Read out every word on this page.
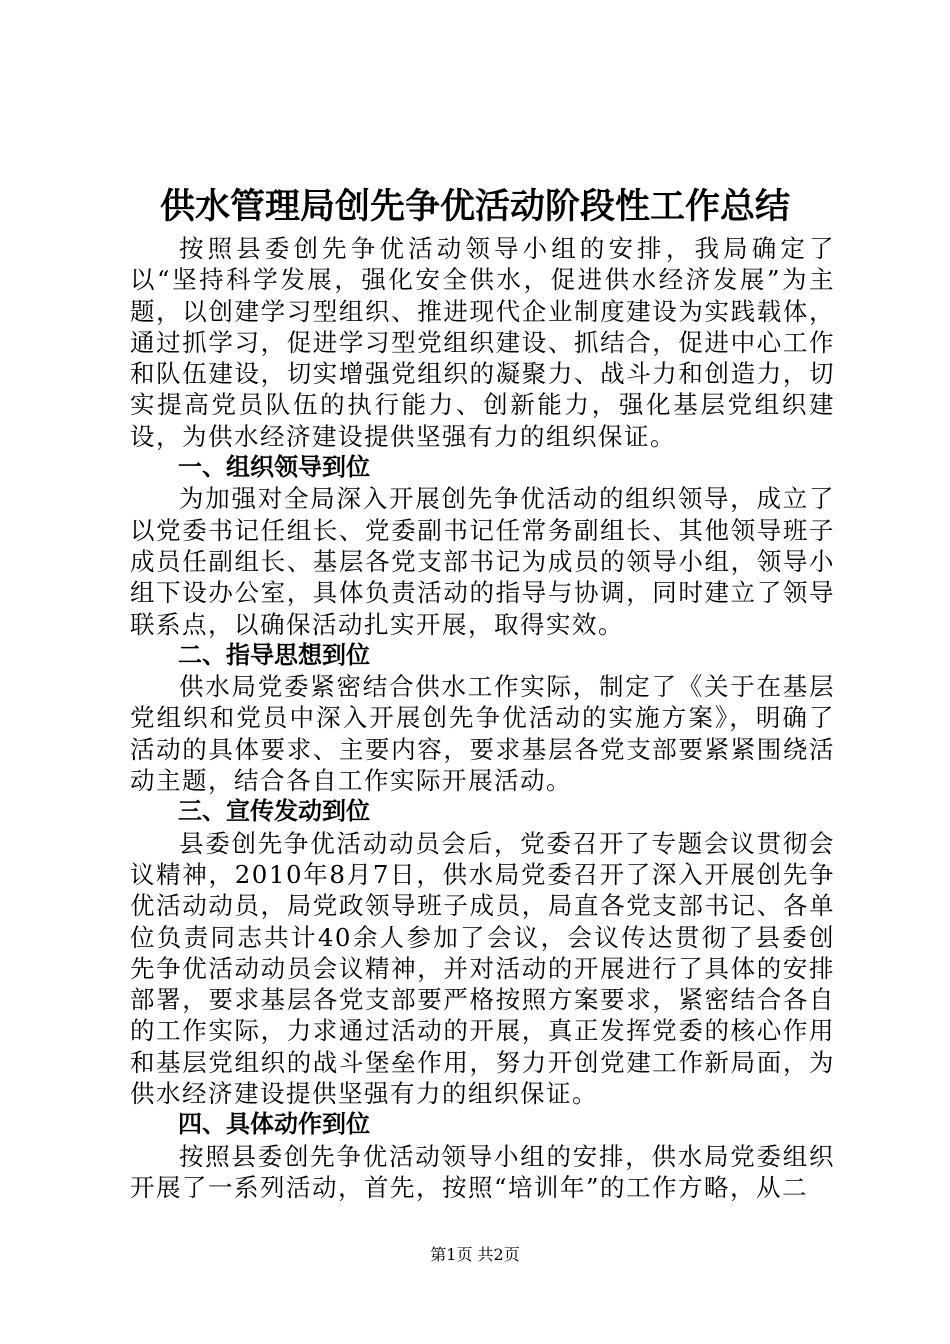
供水管理局创先争优活动阶段性工作总结

按照县委创先争优活动领导小组的安排，我局确定了以“坚持科学发展，强化安全供水，促进供水经济发展”为主题，以创建学习型组织、推进现代企业制度建设为实践载体，通过抓学习，促进学习型党组织建设、抓结合，促进中心工作和队伍建设，切实增强党组织的凝聚力、战斗力和创造力，切实提高党员队伍的执行能力、创新能力，强化基层党组织建设，为供水经济建设提供坚强有力的组织保证。

一、组织领导到位

为加强对全局深入开展创先争优活动的组织领导，成立了以党委书记任组长、党委副书记任常务副组长、其他领导班子成员任副组长、基层各党支部书记为成员的领导小组，领导小组下设办公室，具体负责活动的指导与协调，同时建立了领导联系点，以确保活动扎实开展，取得实效。

二、指导思想到位

供水局党委紧密结合供水工作实际，制定了《关于在基层党组织和党员中深入开展创先争优活动的实施方案》，明确了活动的具体要求、主要内容，要求基层各党支部要紧紧围绕活动主题，结合各自工作实际开展活动。

三、宣传发动到位

县委创先争优活动动员会后，党委召开了专题会议贯彻会议精神，2010年8月7日，供水局党委召开了深入开展创先争优活动动员，局党政领导班子成员，局直各党支部书记、各单位负责同志共计40余人参加了会议，会议传达贯彻了县委创先争优活动动员会议精神，并对活动的开展进行了具体的安排部署，要求基层各党支部要严格按照方案要求，紧密结合各自的工作实际，力求通过活动的开展，真正发挥党委的核心作用和基层党组织的战斗堡垒作用，努力开创党建工作新局面，为供水经济建设提供坚强有力的组织保证。

四、具体动作到位

按照县委创先争优活动领导小组的安排，供水局党委组织开展了一系列活动，首先，按照“培训年”的工作方略，从二

第1页 共2页
